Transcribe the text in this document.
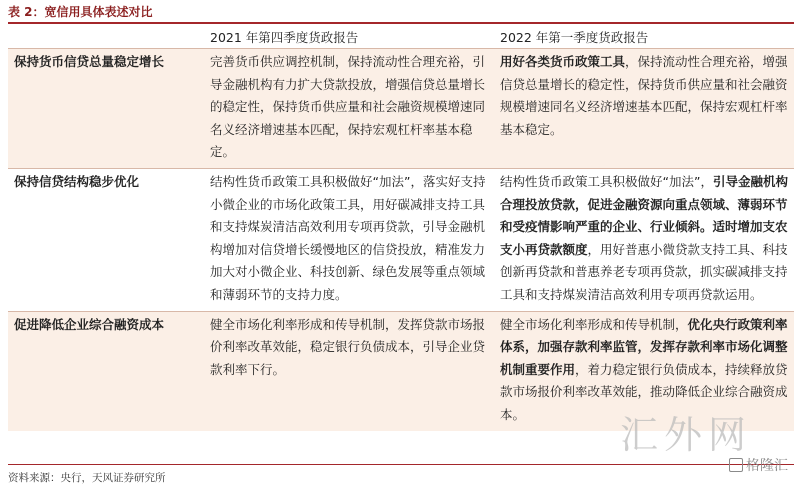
表 2：宽信用具体表述对比
	2021 年第四季度货政报告	2022 年第一季度货政报告
保持货币信贷总量稳定增长	完善货币供应调控机制，保持流动性合理充裕，引导金融机构有力扩大贷款投放，增强信贷总量增长的稳定性，保持货币供应量和社会融资规模增速同名义经济增速基本匹配，保持宏观杠杆率基本稳定。	用好各类货币政策工具，保持流动性合理充裕，增强信贷总量增长的稳定性，保持货币供应量和社会融资规模增速同名义经济增速基本匹配，保持宏观杠杆率基本稳定。
保持信贷结构稳步优化	结构性货币政策工具积极做好“加法”，落实好支持小微企业的市场化政策工具，用好碳减排支持工具和支持煤炭清洁高效利用专项再贷款，引导金融机构增加对信贷增长缓慢地区的信贷投放，精准发力加大对小微企业、科技创新、绿色发展等重点领域和薄弱环节的支持力度。	结构性货币政策工具积极做好“加法”，引导金融机构合理投放贷款，促进金融资源向重点领域、薄弱环节和受疫情影响严重的企业、行业倾斜。适时增加支农支小再贷款额度，用好普惠小微贷款支持工具、科技创新再贷款和普惠养老专项再贷款，抓实碳减排支持工具和支持煤炭清洁高效利用专项再贷款运用。
促进降低企业综合融资成本	健全市场化利率形成和传导机制，发挥贷款市场报价利率改革效能，稳定银行负债成本，引导企业贷款利率下行。	健全市场化利率形成和传导机制，优化央行政策利率体系，加强存款利率监管，发挥存款利率市场化调整机制重要作用，着力稳定银行负债成本，持续释放贷款市场报价利率改革效能，推动降低企业综合融资成本。
资料来源：央行，天风证券研究所
汇外网
格隆汇
